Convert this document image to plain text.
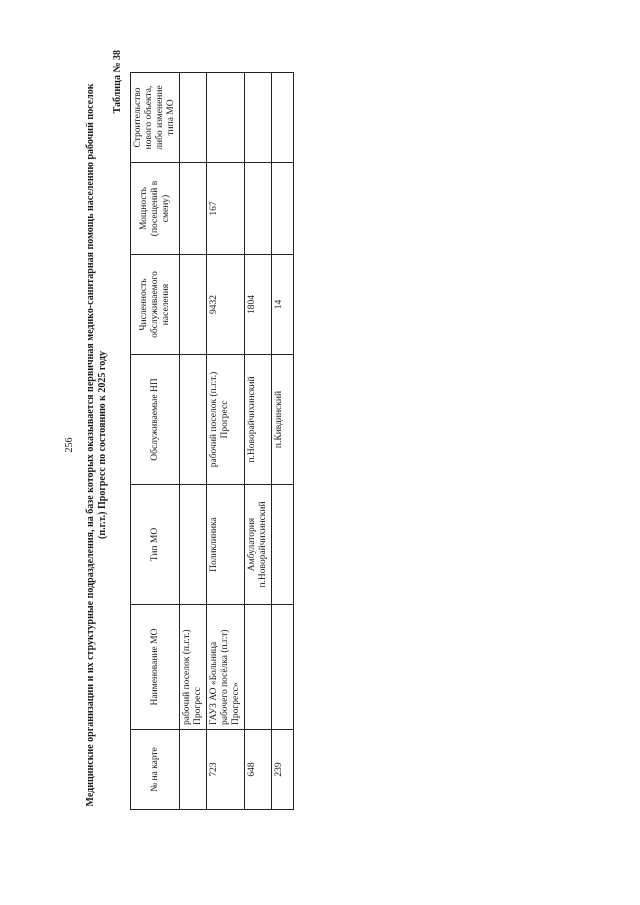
256 Медицинские организации и их структурные подразделения, на базе которых оказывается первичная медико-санитарная помощь населению рабочий поселок (п.г.т.) Прогресс по состоянию к 2025 году
Таблица № 38
№ на карте	Наименование МО	Тип МО	Обслуживаемые НП	Численность обслуживаемого населения	Мощность (посещений в смену)	Строительство нового объекта, либо изменение типа МО
	рабочий поселок (п.г.т.) Прогресс					
723	ГАУЗ АО «Больница рабочего посёлка (п.г.т) Прогресс»	Поликлиника	рабочий поселок (п.г.т.) Прогресс	9432	167	
648		Амбулатория п.Новорайчихинский	п.Новорайчихинский	1804		
239			п.Кивдинский	14		
